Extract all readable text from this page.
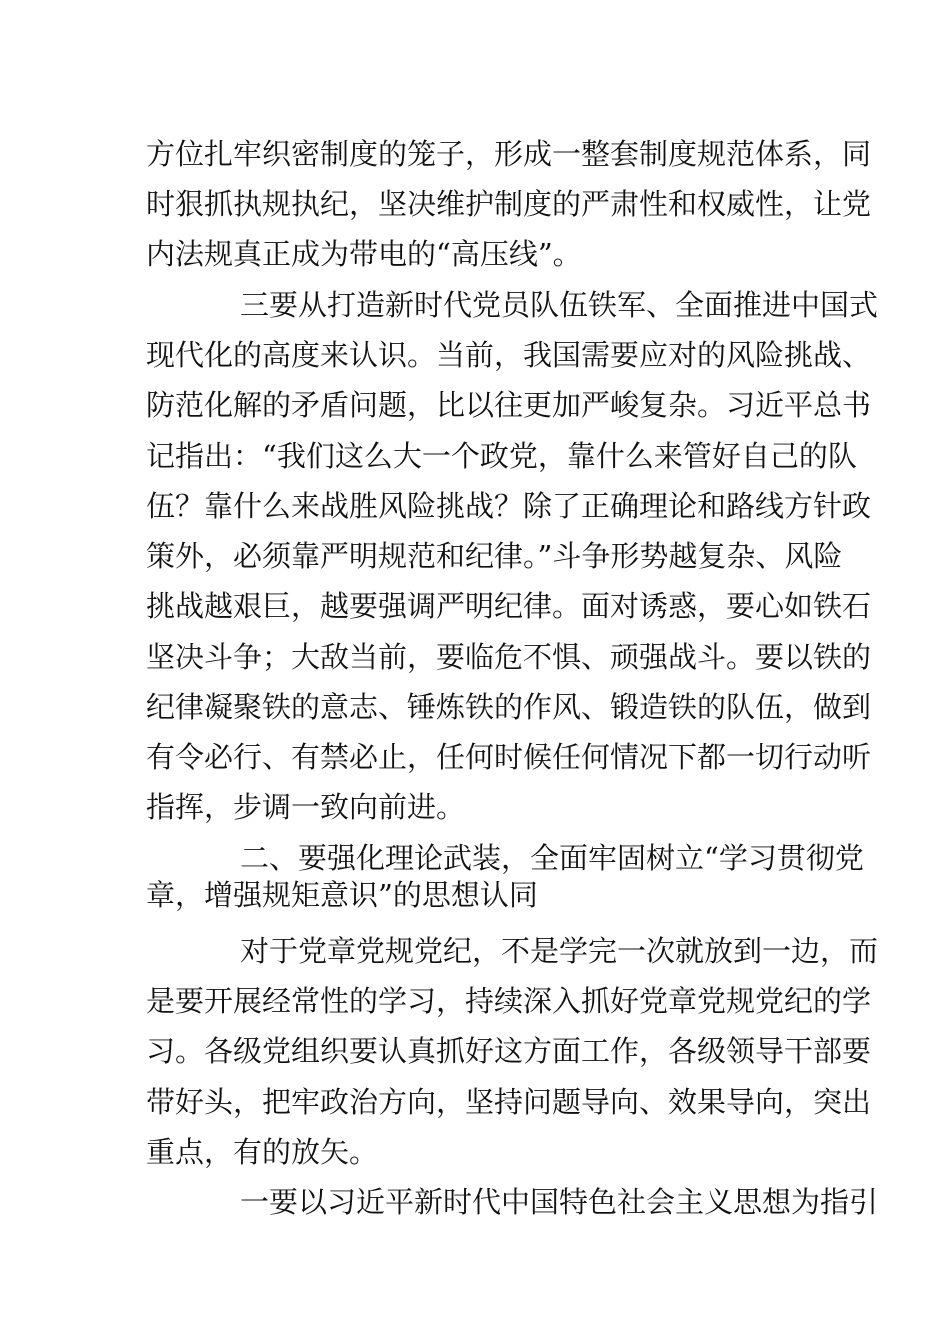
方位扎牢织密制度的笼子，形成一整套制度规范体系，同

时狠抓执规执纪，坚决维护制度的严肃性和权威性，让党

内法规真正成为带电的“高压线”。

三要从打造新时代党员队伍铁军、全面推进中国式

现代化的高度来认识。当前，我国需要应对的风险挑战、

防范化解的矛盾问题，比以往更加严峻复杂。习近平总书

记指出：“我们这么大一个政党，靠什么来管好自己的队

伍？靠什么来战胜风险挑战？除了正确理论和路线方针政

策外，必须靠严明规范和纪律。”斗争形势越复杂、风险

挑战越艰巨，越要强调严明纪律。面对诱惑，要心如铁石

坚决斗争；大敌当前，要临危不惧、顽强战斗。要以铁的

纪律凝聚铁的意志、锤炼铁的作风、锻造铁的队伍，做到

有令必行、有禁必止，任何时候任何情况下都一切行动听

指挥，步调一致向前进。

二、要强化理论武装，全面牢固树立“学习贯彻党

章，增强规矩意识”的思想认同

对于党章党规党纪，不是学完一次就放到一边，而

是要开展经常性的学习，持续深入抓好党章党规党纪的学

习。各级党组织要认真抓好这方面工作，各级领导干部要

带好头，把牢政治方向，坚持问题导向、效果导向，突出

重点，有的放矢。

一要以习近平新时代中国特色社会主义思想为指引
